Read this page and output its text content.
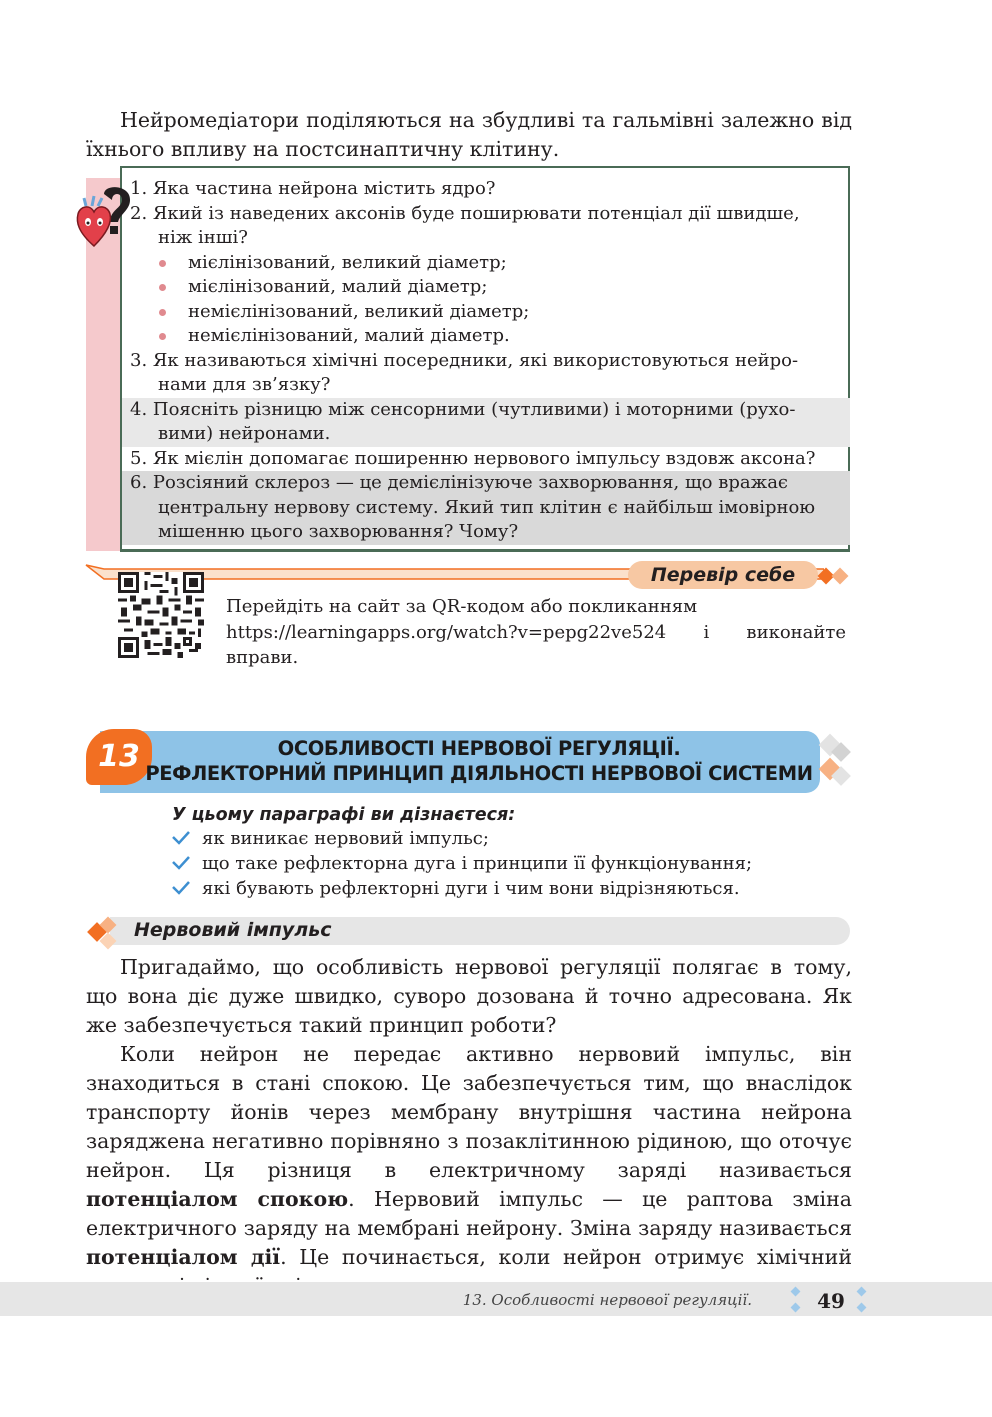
Нейромедіатори поділяються на збудливі та гальмівні залежно від їхнього впливу на постсинаптичну клітину.

1. Яка частина нейрона містить ядро?
2. Який із наведених аксонів буде поширювати потенціал дії швидше,
ніж інші?
мієлінізований, великий діаметр;
мієлінізований, малий діаметр;
немієлінізований, великий діаметр;
немієлінізований, малий діаметр.
3. Як називаються хімічні посередники, які використовуються нейро-
нами для зв’язку?
4. Поясніть різницю між сенсорними (чутливими) і моторними (рухо-
вими) нейронами.
5. Як мієлін допомагає поширенню нервового імпульсу вздовж аксона?
6. Розсіяний склероз — це демієлінізуюче захворювання, що вражає
центральну нервову систему. Який тип клітин є найбільш імовірною
мішенню цього захворювання? Чому?
Перевір себе
Перейдіть на сайт за QR-кодом або покликанням
https://learningapps.org/watch?v=pepg22ve524 і виконайте
вправи.
13	ОСОБЛИВОСТІ НЕРВОВОЇ РЕГУЛЯЦІЇ.
РЕФЛЕКТОРНИЙ ПРИНЦИП ДІЯЛЬНОСТІ НЕРВОВОЇ СИСТЕМИ
У цьому параграфі ви дізнаєтеся:
як виникає нервовий імпульс;
що таке рефлекторна дуга і принципи її функціонування;
які бувають рефлекторні дуги і чим вони відрізняються.
Нервовий імпульс

Пригадаймо, що особливість нервової регуляції полягає в тому, що вона діє дуже швидко, суворо дозована й точно адресована. Як же забезпечується такий принцип роботи?

Коли нейрон не передає активно нервовий імпульс, він знаходиться в стані спокою. Це забезпечується тим, що внаслідок транспорту йонів через мембрану внутрішня частина нейрона заряджена негативно порівняно з позаклітинною рідиною, що оточує нейрон. Ця різниця в електричному заряді називається потенціалом спокою. Нервовий імпульс — це раптова зміна електричного заряду на мембрані нейрону. Зміна заряду називається потенціалом дії. Це починається, коли нейрон отримує хімічний

13. Особливості нервової регуляції.	49
